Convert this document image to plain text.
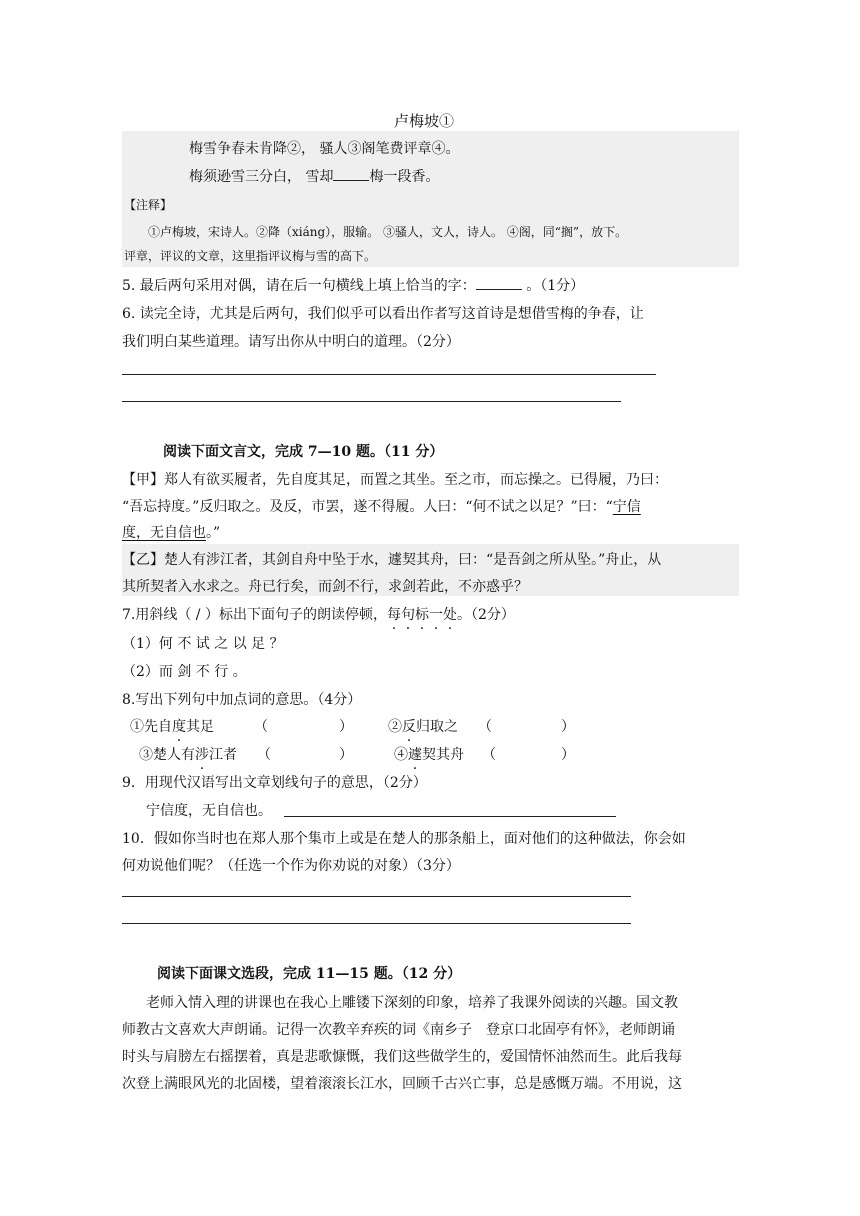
卢梅坡①
梅雪争春未肯降②， 骚人③阁笔费评章④。
梅须逊雪三分白， 雪却	梅一段香。
【注释】
①卢梅坡，宋诗人。②降（xiáng），服输。 ③骚人，文人，诗人。 ④阁，同“搁”，放下。
评章，评议的文章，这里指评议梅与雪的高下。
5. 最后两句采用对偶，请在后一句横线上填上恰当的字：	。（1分）
6. 读完全诗，尤其是后两句，我们似乎可以看出作者写这首诗是想借雪梅的争春，让
我们明白某些道理。请写出你从中明白的道理。（2分）
阅读下面文言文，完成 7—10 题。（11 分）
【甲】郑人有欲买履者，先自度其足，而置之其坐。至之市，而忘操之。已得履，乃曰：
“吾忘持度。”反归取之。及反，市罢，遂不得履。人曰：“何不试之以足？”曰：“宁信
度，无自信也。”
【乙】楚人有涉江者，其剑自舟中坠于水，遽契其舟，曰：“是吾剑之所从坠。”舟止，从
其所契者入水求之。舟已行矣，而剑不行，求剑若此，不亦惑乎？
7.用斜线（ / ）标出下面句子的朗读停顿，每句标一处。（2分）
（1）何 不 试 之 以 足 ？
（2）而 剑 不 行 。
8.写出下列句中加点词的意思。（4分）
①先自度其足	（	）	②反归取之 （	）
③楚人有涉江者 （	）	④遽契其舟 （	）
9．用现代汉语写出文章划线句子的意思，（2分）
宁信度，无自信也。
10．假如你当时也在郑人那个集市上或是在楚人的那条船上，面对他们的这种做法，你会如
何劝说他们呢？（任选一个作为你劝说的对象）（3分）
阅读下面课文选段，完成 11—15 题。（12 分）
老师入情入理的讲课也在我心上雕镂下深刻的印象，培养了我课外阅读的兴趣。国文教
师教古文喜欢大声朗诵。记得一次教辛弃疾的词《南乡子　登京口北固亭有怀》，老师朗诵
时头与肩膀左右摇摆着，真是悲歌慷慨，我们这些做学生的，爱国情怀油然而生。此后我每
次登上满眼风光的北固楼，望着滚滚长江水，回顾千古兴亡事，总是感慨万端。不用说，这
